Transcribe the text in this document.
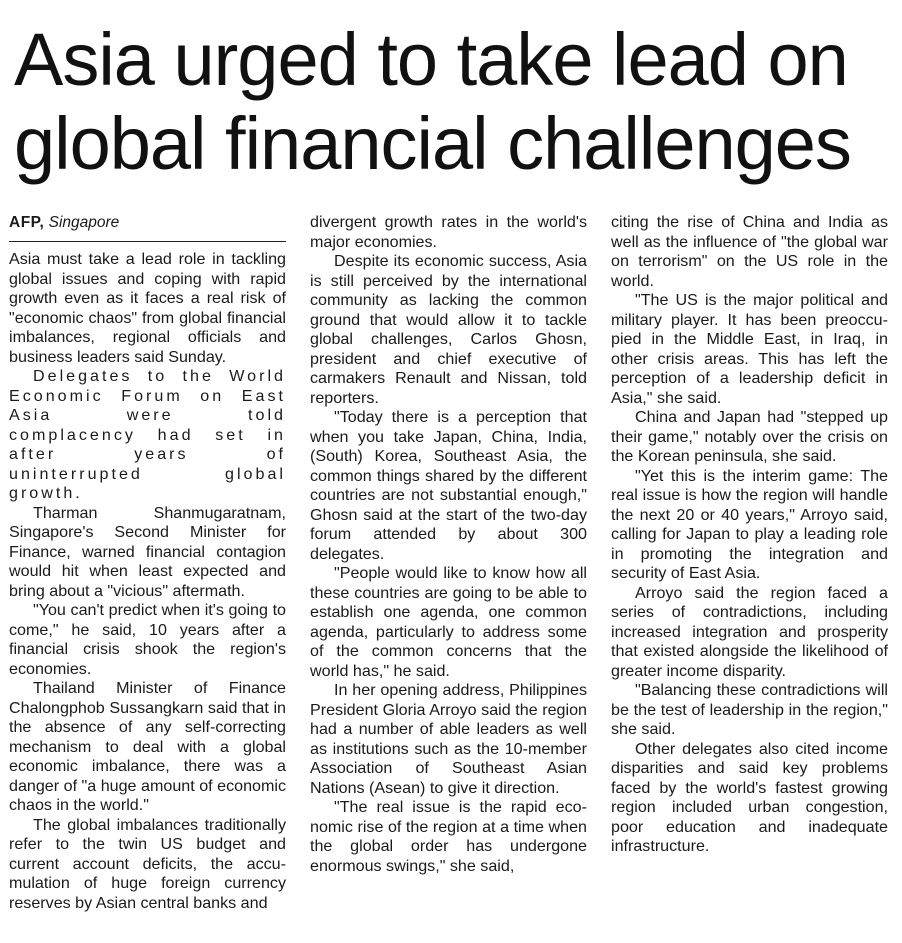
Asia urged to take lead on
global financial challenges
AFP, Singapore

Asia must take a lead role in tackling global issues and coping with rapid growth even as it faces a real risk of "economic chaos" from global financial imbalances, regional officials and business leaders said Sunday.

Delegates to the World Economic Forum on East Asia were told complacency had set in after years of uninterrupted global growth.

Tharman Shanmugaratnam, Singapore's Second Minister for Finance, warned financial contagion would hit when least expected and bring about a "vicious" aftermath.

"You can't predict when it's going to come," he said, 10 years after a financial crisis shook the region's economies.

Thailand Minister of Finance Chalongphob Sussangkarn said that in the absence of any self-correcting mechanism to deal with a global economic imbalance, there was a danger of "a huge amount of economic chaos in the world."

The global imbalances traditionally refer to the twin US budget and current account deficits, the accumulation of huge foreign currency reserves by Asian central banks and

divergent growth rates in the world's major economies.

Despite its economic success, Asia is still perceived by the international community as lacking the common ground that would allow it to tackle global challenges, Carlos Ghosn, president and chief executive of carmakers Renault and Nissan, told reporters.

"Today there is a perception that when you take Japan, China, India, (South) Korea, Southeast Asia, the common things shared by the different countries are not substantial enough," Ghosn said at the start of the two-day forum attended by about 300 delegates.

"People would like to know how all these countries are going to be able to establish one agenda, one common agenda, particularly to address some of the common concerns that the world has," he said.

In her opening address, Philippines President Gloria Arroyo said the region had a number of able leaders as well as institutions such as the 10-member Association of Southeast Asian Nations (Asean) to give it direction.

"The real issue is the rapid economic rise of the region at a time when the global order has undergone enormous swings," she said,

citing the rise of China and India as well as the influence of "the global war on terrorism" on the US role in the world.

"The US is the major political and military player. It has been preoccupied in the Middle East, in Iraq, in other crisis areas. This has left the perception of a leadership deficit in Asia," she said.

China and Japan had "stepped up their game," notably over the crisis on the Korean peninsula, she said.

"Yet this is the interim game: The real issue is how the region will handle the next 20 or 40 years," Arroyo said, calling for Japan to play a leading role in promoting the integration and security of East Asia.

Arroyo said the region faced a series of contradictions, including increased integration and prosperity that existed alongside the likelihood of greater income disparity.

"Balancing these contradictions will be the test of leadership in the region," she said.

Other delegates also cited income disparities and said key problems faced by the world's fastest growing region included urban congestion, poor education and inadequate infrastructure.
